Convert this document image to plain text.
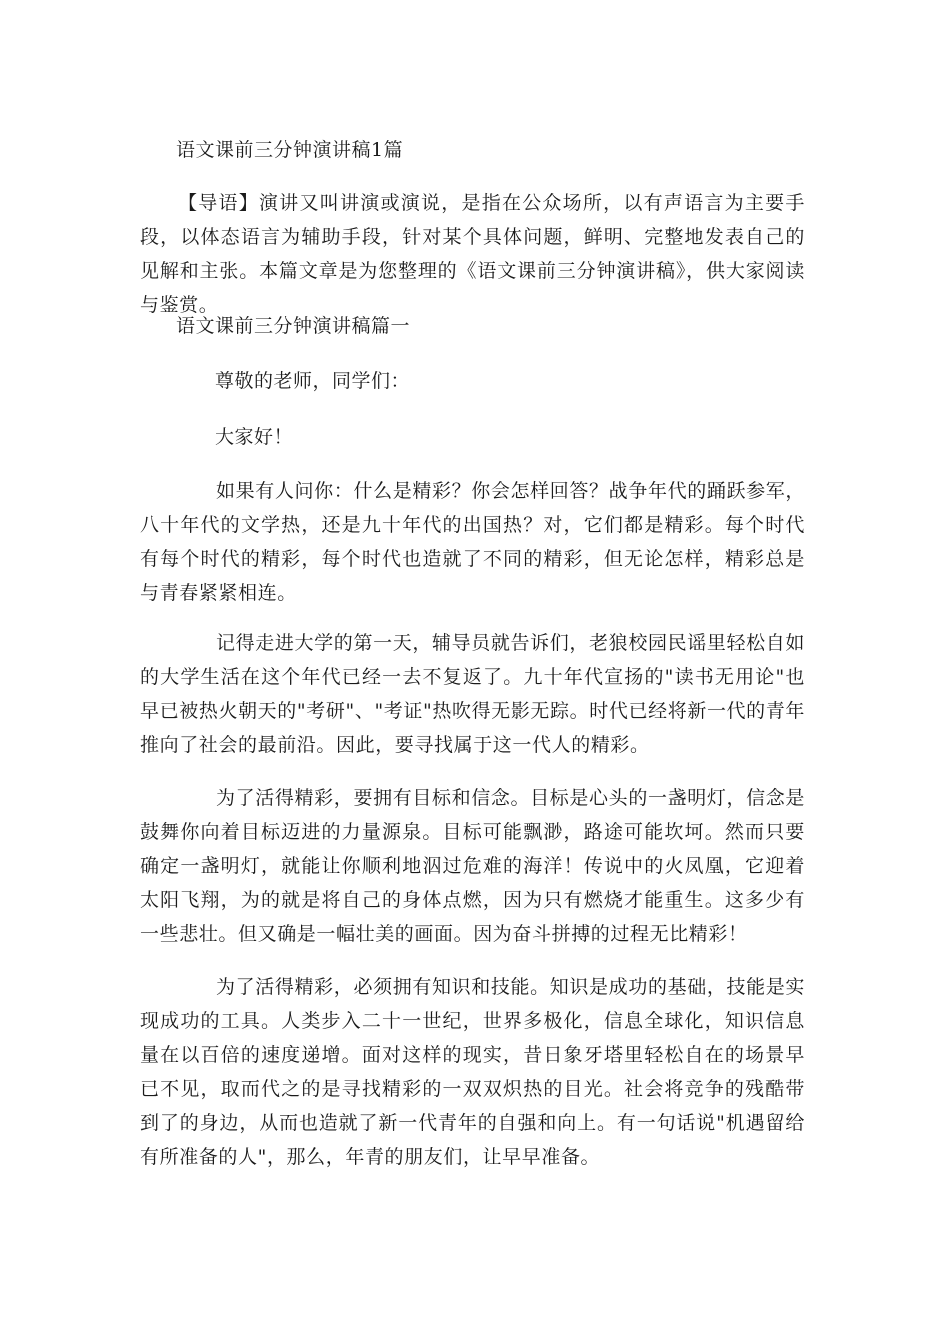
语文课前三分钟演讲稿1篇

【导语】演讲又叫讲演或演说，是指在公众场所，以有声语言为主要手段，以体态语言为辅助手段，针对某个具体问题，鲜明、完整地发表自己的见解和主张。本篇文章是为您整理的《语文课前三分钟演讲稿》，供大家阅读与鉴赏。

语文课前三分钟演讲稿篇一
尊敬的老师，同学们：
大家好！

如果有人问你：什么是精彩？你会怎样回答？战争年代的踊跃参军，八十年代的文学热，还是九十年代的出国热？对，它们都是精彩。每个时代有每个时代的精彩，每个时代也造就了不同的精彩，但无论怎样，精彩总是与青春紧紧相连。

记得走进大学的第一天，辅导员就告诉们，老狼校园民谣里轻松自如的大学生活在这个年代已经一去不复返了。九十年代宣扬的"读书无用论"也早已被热火朝天的"考研"、"考证"热吹得无影无踪。时代已经将新一代的青年推向了社会的最前沿。因此，要寻找属于这一代人的精彩。

为了活得精彩，要拥有目标和信念。目标是心头的一盏明灯，信念是鼓舞你向着目标迈进的力量源泉。目标可能飘渺，路途可能坎坷。然而只要确定一盏明灯，就能让你顺利地泅过危难的海洋！传说中的火凤凰，它迎着太阳飞翔，为的就是将自己的身体点燃，因为只有燃烧才能重生。这多少有一些悲壮。但又确是一幅壮美的画面。因为奋斗拼搏的过程无比精彩！

为了活得精彩，必须拥有知识和技能。知识是成功的基础，技能是实现成功的工具。人类步入二十一世纪，世界多极化，信息全球化，知识信息量在以百倍的速度递增。面对这样的现实，昔日象牙塔里轻松自在的场景早已不见，取而代之的是寻找精彩的一双双炽热的目光。社会将竞争的残酷带到了的身边，从而也造就了新一代青年的自强和向上。有一句话说"机遇留给有所准备的人"，那么，年青的朋友们，让早早准备。
